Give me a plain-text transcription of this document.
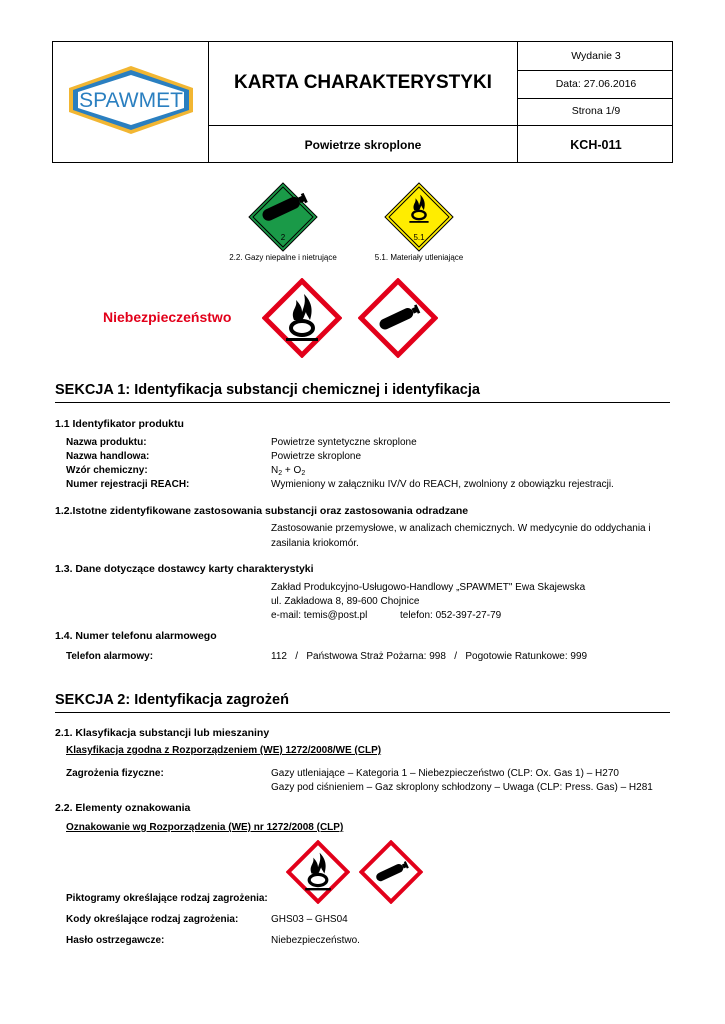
SPAWMET
KARTA CHARAKTERYSTYKI
Wydanie 3
Data: 27.06.2016
Strona 1/9
Powietrze skroplone	KCH-011
2
2.2. Gazy niepalne i nietrujące
5.1
5.1. Materiały utleniające
Niebezpieczeństwo
SEKCJA 1: Identyfikacja substancji chemicznej i identyfikacja
1.1 Identyfikator produktu
Nazwa produktu:	Powietrze syntetyczne skroplone
Nazwa handlowa:	Powietrze skroplone
Wzór chemiczny:	$N_2 + O_2$
Numer rejestracji REACH:	Wymieniony w załączniku IV/V do REACH, zwolniony z obowiązku rejestracji.
1.2.Istotne zidentyfikowane zastosowania substancji oraz zastosowania odradzane
Zastosowanie przemysłowe, w analizach chemicznych. W medycynie do oddychania i
zasilania kriokomór.
1.3. Dane dotyczące dostawcy karty charakterystyki
Zakład Produkcyjno-Usługowo-Handlowy „SPAWMET" Ewa Skajewska
ul. Zakładowa 8, 89-600 Chojnice
e-mail: temis@post.pl	telefon: 052-397-27-79
1.4. Numer telefonu alarmowego
Telefon alarmowy:	112   /   Państwowa Straż Pożarna: 998   /   Pogotowie Ratunkowe: 999
SEKCJA 2: Identyfikacja zagrożeń
2.1. Klasyfikacja substancji lub mieszaniny
Klasyfikacja zgodna z Rozporządzeniem (WE) 1272/2008/WE (CLP)
Zagrożenia fizyczne:	Gazy utleniające – Kategoria 1 – Niebezpieczeństwo (CLP: Ox. Gas 1) – H270
Gazy pod ciśnieniem – Gaz skroplony schłodzony – Uwaga (CLP: Press. Gas) – H281
2.2. Elementy oznakowania
Oznakowanie wg Rozporządzenia (WE) nr 1272/2008 (CLP)
Piktogramy określające rodzaj zagrożenia:
Kody określające rodzaj zagrożenia:	GHS03 – GHS04
Hasło ostrzegawcze:	Niebezpieczeństwo.
